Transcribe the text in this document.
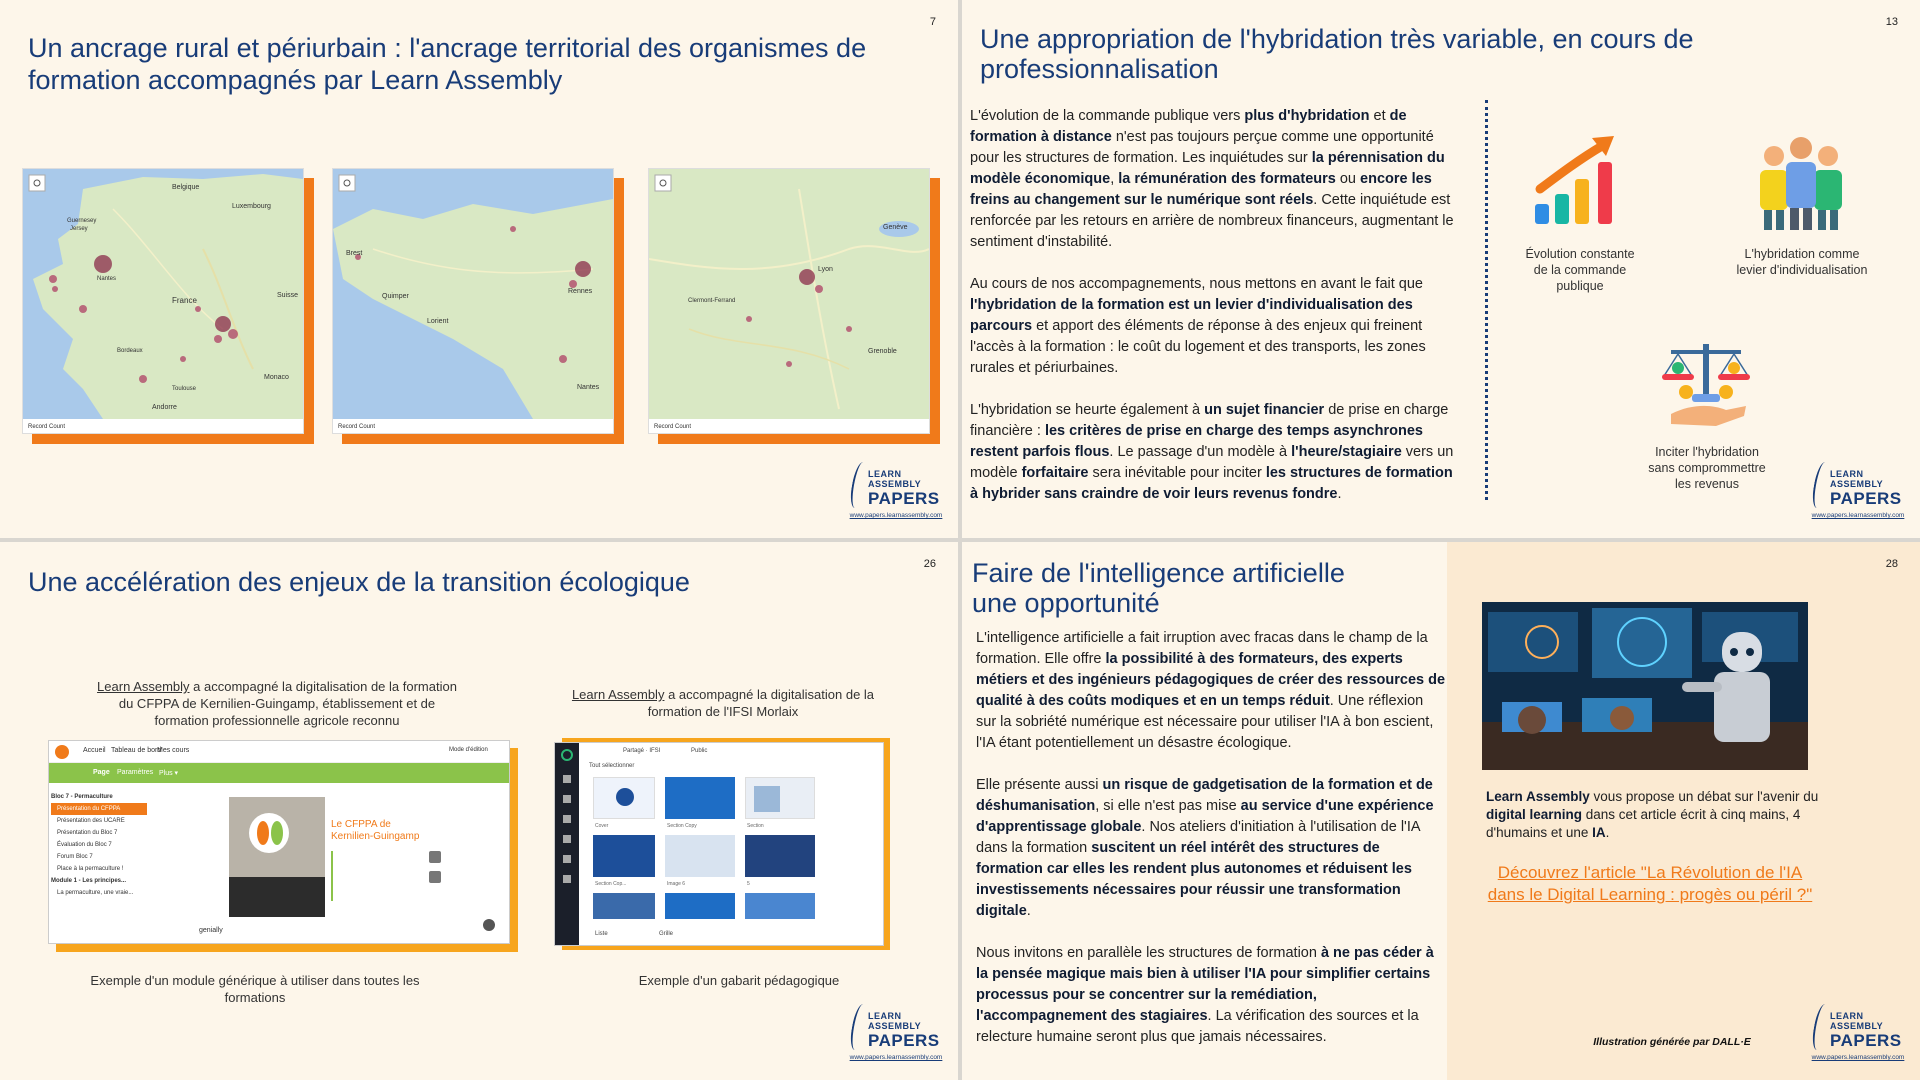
7
Un ancrage rural et périurbain : l'ancrage territorial des organismes de
formation accompagnés par Learn Assembly
Belgique
Luxembourg
Guernesey
Jersey
Nantes
France
Suisse
Monaco
Andorre
Bordeaux
Toulouse
Record Count
Brest
Rennes
Quimper
Lorient
Nantes
Record Count
Genève
Lyon
Clermont-Ferrand
Grenoble
Record Count
LEARN
ASSEMBLY
PAPERS
www.papers.learnassembly.com
13
Une appropriation de l'hybridation très variable, en cours de
professionnalisation

L'évolution de la commande publique vers plus d'hybridation et de formation à distance n'est pas toujours perçue comme une opportunité pour les structures de formation. Les inquiétudes sur la pérennisation du modèle économique, la rémunération des formateurs ou encore les freins au changement sur le numérique sont réels. Cette inquiétude est renforcée par les retours en arrière de nombreux financeurs, augmentant le sentiment d'instabilité.

Au cours de nos accompagnements, nous mettons en avant le fait que l'hybridation de la formation est un levier d'individualisation des parcours et apport des éléments de réponse à des enjeux qui freinent l'accès à la formation : le coût du logement et des transports, les zones rurales et périurbaines.

L'hybridation se heurte également à un sujet financier de prise en charge financière : les critères de prise en charge des temps asynchrones restent parfois flous. Le passage d'un modèle à l'heure/stagiaire vers un modèle forfaitaire sera inévitable pour inciter les structures de formation à hybrider sans craindre de voir leurs revenus fondre.

Évolution constante de la commande publique
L'hybridation comme levier d'individualisation
Inciter l'hybridation sans comprommettre les revenus
LEARN
ASSEMBLY
PAPERS
www.papers.learnassembly.com
26
Une accélération des enjeux de la transition écologique
Learn Assembly a accompagné la digitalisation de la formation du CFPPA de Kernilien-Guingamp, établissement et de formation professionnelle agricole reconnu
Learn Assembly a accompagné la digitalisation de la formation de l'IFSI Morlaix
Accueil Tableau de bord
Mes cours	Mode d'édition
Page Paramètres Plus ▾
Bloc 7 - Permaculture
Présentation du CFPPA
Présentation des UCARE
Présentation du Bloc 7
Évaluation du Bloc 7
Forum Bloc 7
Place à la permaculture !
Module 1 - Les principes...
La permaculture, une vraie...
Le CFPPA de Kernilien-Guingamp
genially
Partagé · IFSI	Public
Tout sélectionner
Cover	Section Copy	Section
Section Cop...	Image 6	5
Liste	Grille
Exemple d'un module générique à utiliser dans toutes les formations
Exemple d'un gabarit pédagogique
LEARN
ASSEMBLY
PAPERS
www.papers.learnassembly.com
28
Faire de l'intelligence artificielle
une opportunité

L'intelligence artificielle a fait irruption avec fracas dans le champ de la formation. Elle offre la possibilité à des formateurs, des experts métiers et des ingénieurs pédagogiques de créer des ressources de qualité à des coûts modiques et en un temps réduit. Une réflexion sur la sobriété numérique est nécessaire pour utiliser l'IA à bon escient, l'IA étant potentiellement un désastre écologique.

Elle présente aussi un risque de gadgetisation de la formation et de déshumanisation, si elle n'est pas mise au service d'une expérience d'apprentissage globale. Nos ateliers d'initiation à l'utilisation de l'IA dans la formation suscitent un réel intérêt des structures de formation car elles les rendent plus autonomes et réduisent les investissements nécessaires pour réussir une transformation digitale.

Nous invitons en parallèle les structures de formation à ne pas céder à la pensée magique mais bien à utiliser l'IA pour simplifier certains processus pour se concentrer sur la remédiation, l'accompagnement des stagiaires. La vérification des sources et la relecture humaine seront plus que jamais nécessaires.

Learn Assembly vous propose un débat sur l'avenir du digital learning dans cet article écrit à cinq mains, 4 d'humains et une IA.

Découvrez l'article "La Révolution de l'IA dans le Digital Learning : progès ou péril ?"
Illustration générée par DALL·E
LEARN
ASSEMBLY
PAPERS
www.papers.learnassembly.com
